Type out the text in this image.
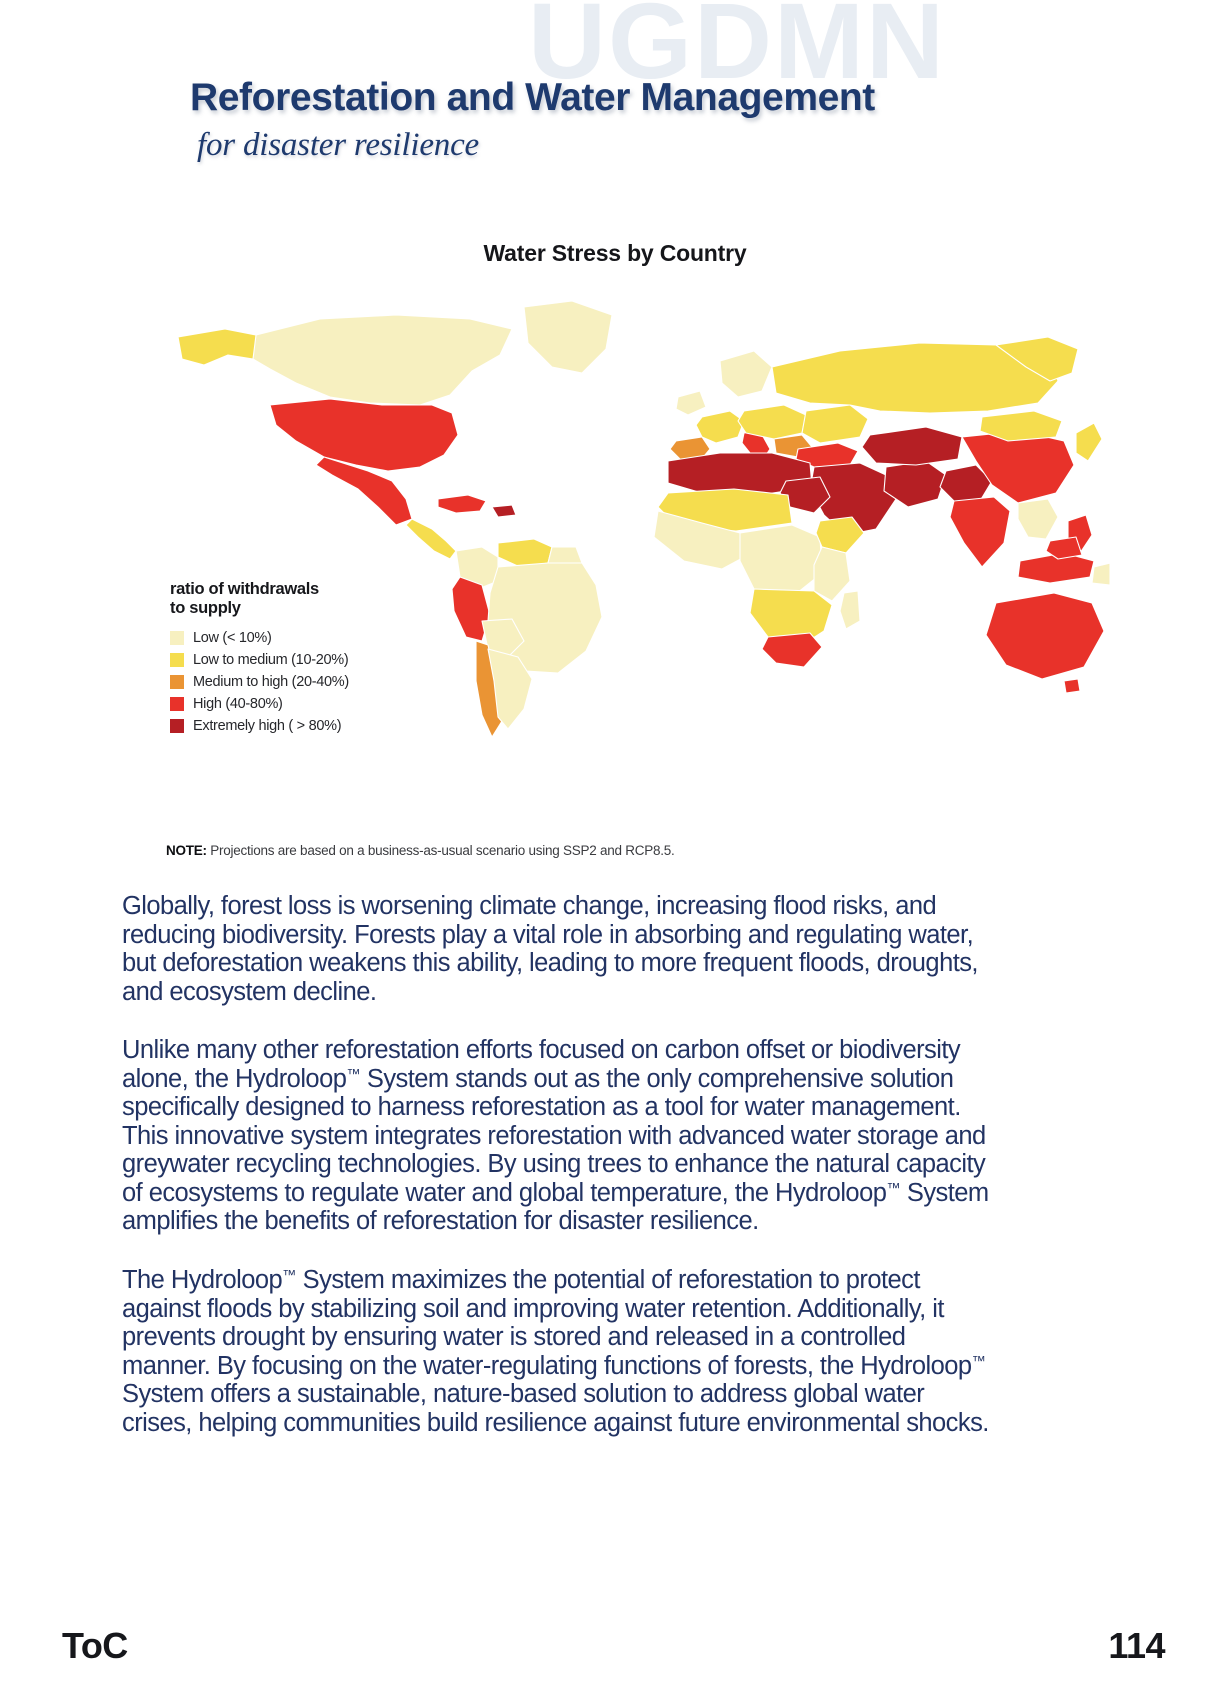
UGDMN
Reforestation and Water Management
for disaster resilience
Water Stress by Country
ratio of withdrawals
to supply
Low (< 10%)
Low to medium (10-20%)
Medium to high (20-40%)
High (40-80%)
Extremely high ( > 80%)
NOTE: Projections are based on a business-as-usual scenario using SSP2 and RCP8.5.

Globally, forest loss is worsening climate change, increasing flood risks, and reducing biodiversity. Forests play a vital role in absorbing and regulating water, but deforestation weakens this ability, leading to more frequent floods, droughts, and ecosystem decline.

Unlike many other reforestation efforts focused on carbon offset or biodiversity alone, the Hydroloop™ System stands out as the only comprehensive solution specifically designed to harness reforestation as a tool for water management. This innovative system integrates reforestation with advanced water storage and greywater recycling technologies. By using trees to enhance the natural capacity of ecosystems to regulate water and global temperature, the Hydroloop™ System amplifies the benefits of reforestation for disaster resilience.

The Hydroloop™ System maximizes the potential of reforestation to protect against floods by stabilizing soil and improving water retention. Additionally, it prevents drought by ensuring water is stored and released in a controlled manner. By focusing on the water-regulating functions of forests, the Hydroloop™ System offers a sustainable, nature-based solution to address global water crises, helping communities build resilience against future environmental shocks.

ToC	114
